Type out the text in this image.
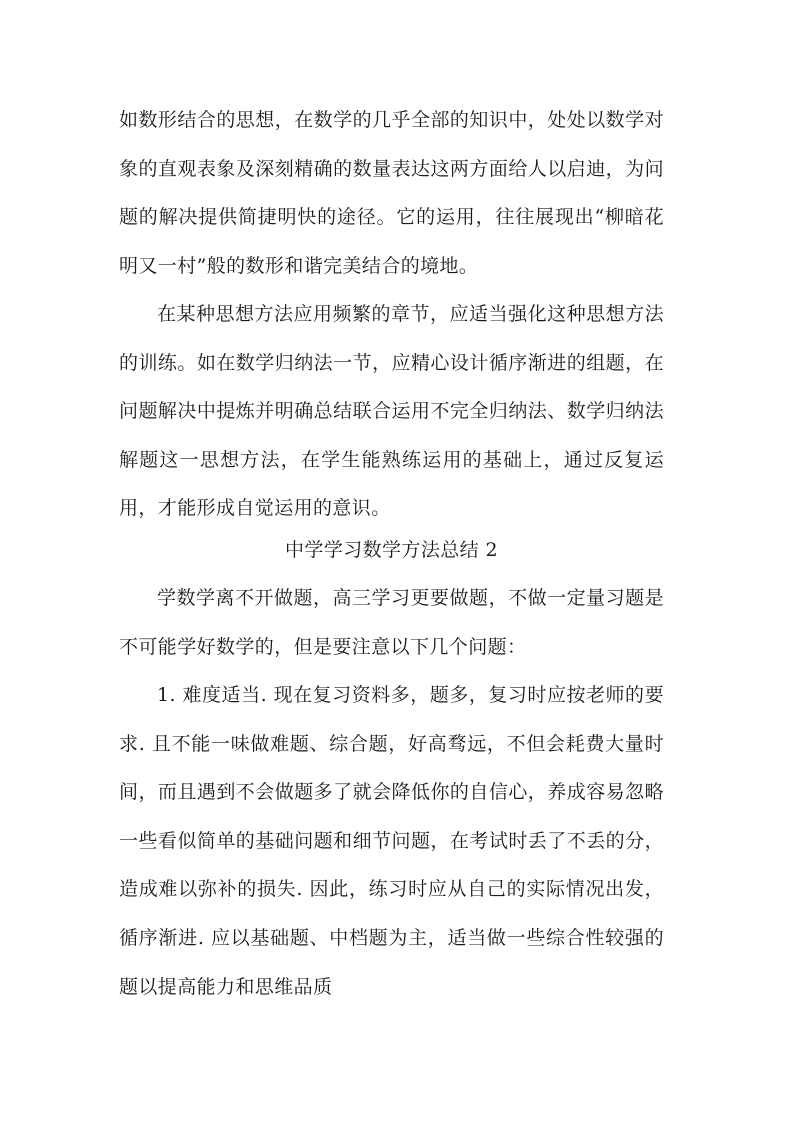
如数形结合的思想，在数学的几乎全部的知识中，处处以数学对象的直观表象及深刻精确的数量表达这两方面给人以启迪，为问题的解决提供简捷明快的途径。它的运用，往往展现出“柳暗花明又一村”般的数形和谐完美结合的境地。

在某种思想方法应用频繁的章节，应适当强化这种思想方法的训练。如在数学归纳法一节，应精心设计循序渐进的组题，在问题解决中提炼并明确总结联合运用不完全归纳法、数学归纳法解题这一思想方法，在学生能熟练运用的基础上，通过反复运用，才能形成自觉运用的意识。

中学学习数学方法总结 2

学数学离不开做题，高三学习更要做题，不做一定量习题是不可能学好数学的，但是要注意以下几个问题：

1. 难度适当. 现在复习资料多，题多，复习时应按老师的要求. 且不能一味做难题、综合题，好高骛远，不但会耗费大量时间，而且遇到不会做题多了就会降低你的自信心，养成容易忽略一些看似简单的基础问题和细节问题，在考试时丢了不丢的分，造成难以弥补的损失. 因此，练习时应从自己的实际情况出发，循序渐进. 应以基础题、中档题为主，适当做一些综合性较强的题以提高能力和思维品质
